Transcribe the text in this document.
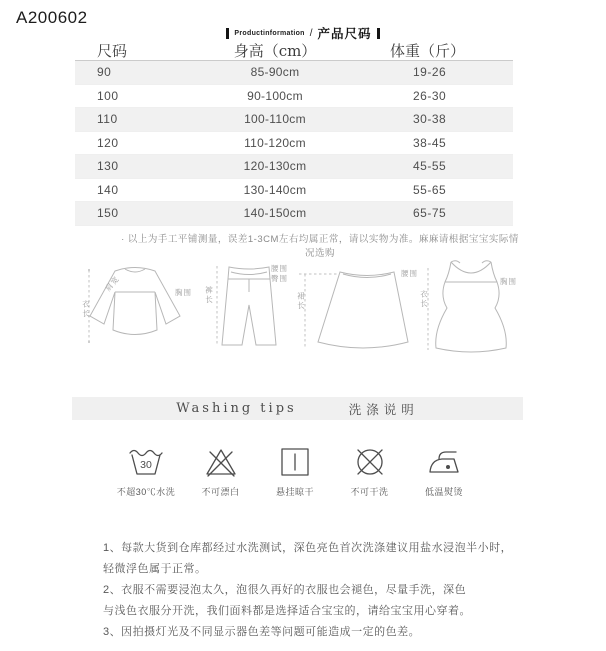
A200602
Productinformation / 产品尺码
尺码	身高（cm）	体重（斤）
90	85-90cm	19-26
100	90-100cm	26-30
110	100-110cm	30-38
120	110-120cm	38-45
130	120-130cm	45-55
140	130-140cm	55-65
150	140-150cm	65-75
· 以上为手工平铺测量，误差1-3CM左右均属正常，请以实物为准。麻麻请根据宝宝实际情况选购
衣长
肩宽	胸围 裤长
腰围
臀围
裙长
腰围
衣长
胸围
Washing tips	洗涤说明
30
不超30℃水洗	不可漂白	悬挂晾干	不可干洗	低温熨烫
1、每款大货到仓库都经过水洗测试，深色亮色首次洗涤建议用盐水浸泡半小时，
轻微浮色属于正常。
2、衣服不需要浸泡太久，泡很久再好的衣服也会褪色，尽量手洗，深色
与浅色衣服分开洗，我们面料都是选择适合宝宝的，请给宝宝用心穿着。
3、因拍摄灯光及不同显示器色差等问题可能造成一定的色差。
